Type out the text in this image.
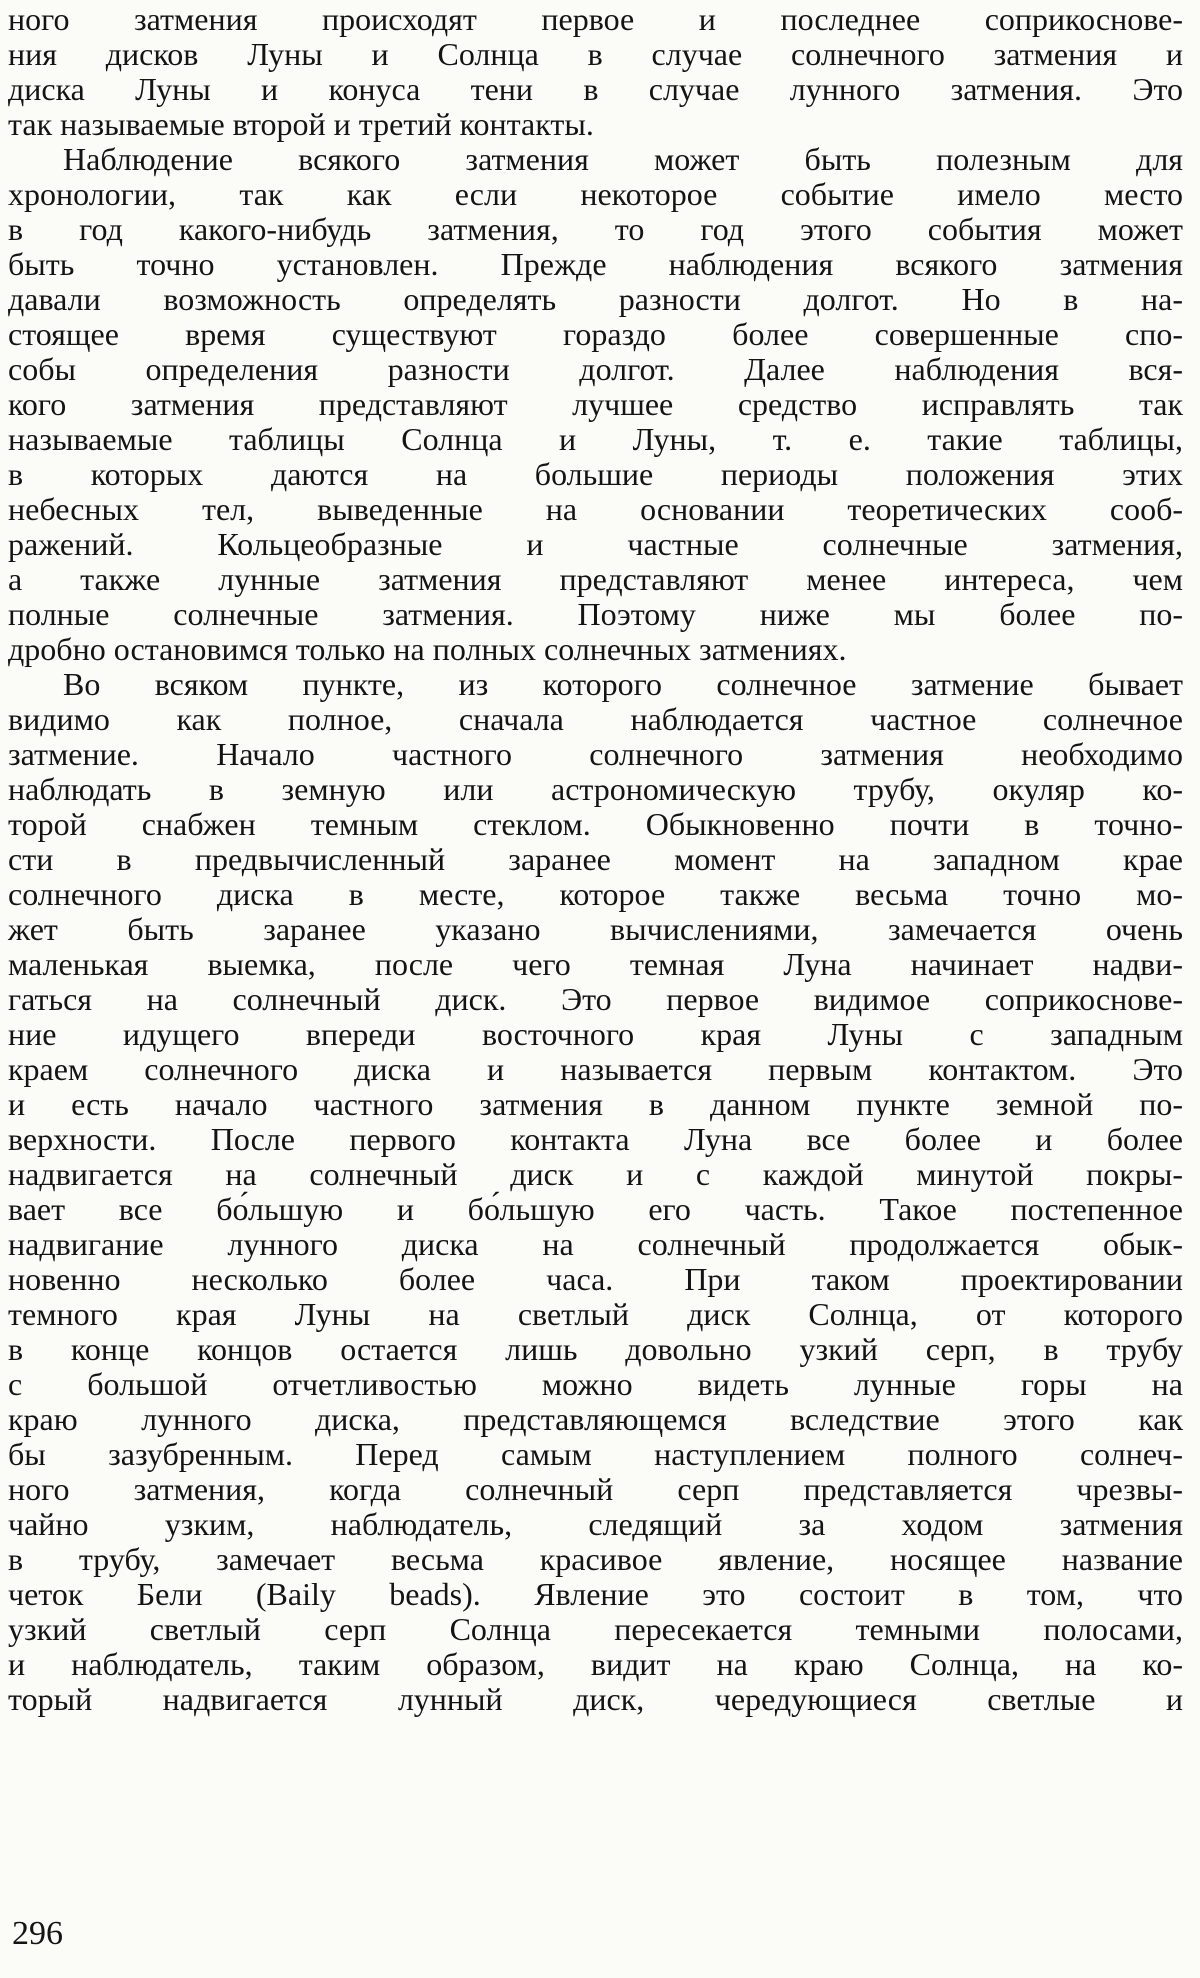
ного затмения происходят первое и последнее соприкоснове-
ния дисков Луны и Солнца в случае солнечного затмения и
диска Луны и конуса тени в случае лунного затмения. Это
так называемые второй и третий контакты.
Наблюдение всякого затмения может быть полезным для
хронологии, так как если некоторое событие имело место
в год какого-нибудь затмения, то год этого события может
быть точно установлен. Прежде наблюдения всякого затмения
давали возможность определять разности долгот. Но в на-
стоящее время существуют гораздо более совершенные спо-
собы определения разности долгот. Далее наблюдения вся-
кого затмения представляют лучшее средство исправлять так
называемые таблицы Солнца и Луны, т. е. такие таблицы,
в которых даются на большие периоды положения этих
небесных тел, выведенные на основании теоретических сооб-
ражений. Кольцеобразные и частные солнечные затмения,
а также лунные затмения представляют менее интереса, чем
полные солнечные затмения. Поэтому ниже мы более по-
дробно остановимся только на полных солнечных затмениях.
Во всяком пункте, из которого солнечное затмение бывает
видимо как полное, сначала наблюдается частное солнечное
затмение. Начало частного солнечного затмения необходимо
наблюдать в земную или астрономическую трубу, окуляр ко-
торой снабжен темным стеклом. Обыкновенно почти в точно-
сти в предвычисленный заранее момент на западном крае
солнечного диска в месте, которое также весьма точно мо-
жет быть заранее указано вычислениями, замечается очень
маленькая выемка, после чего темная Луна начинает надви-
гаться на солнечный диск. Это первое видимое соприкоснове-
ние идущего впереди восточного края Луны с западным
краем солнечного диска и называется первым контактом. Это
и есть начало частного затмения в данном пункте земной по-
верхности. После первого контакта Луна все более и более
надвигается на солнечный диск и с каждой минутой покры-
вает все бо́льшую и бо́льшую его часть. Такое постепенное
надвигание лунного диска на солнечный продолжается обык-
новенно несколько более часа. При таком проектировании
темного края Луны на светлый диск Солнца, от которого
в конце концов остается лишь довольно узкий серп, в трубу
с большой отчетливостью можно видеть лунные горы на
краю лунного диска, представляющемся вследствие этого как
бы зазубренным. Перед самым наступлением полного солнеч-
ного затмения, когда солнечный серп представляется чрезвы-
чайно узким, наблюдатель, следящий за ходом затмения
в трубу, замечает весьма красивое явление, носящее название
четок Бели (Baily beads). Явление это состоит в том, что
узкий светлый серп Солнца пересекается темными полосами,
и наблюдатель, таким образом, видит на краю Солнца, на ко-
торый надвигается лунный диск, чередующиеся светлые и
296
